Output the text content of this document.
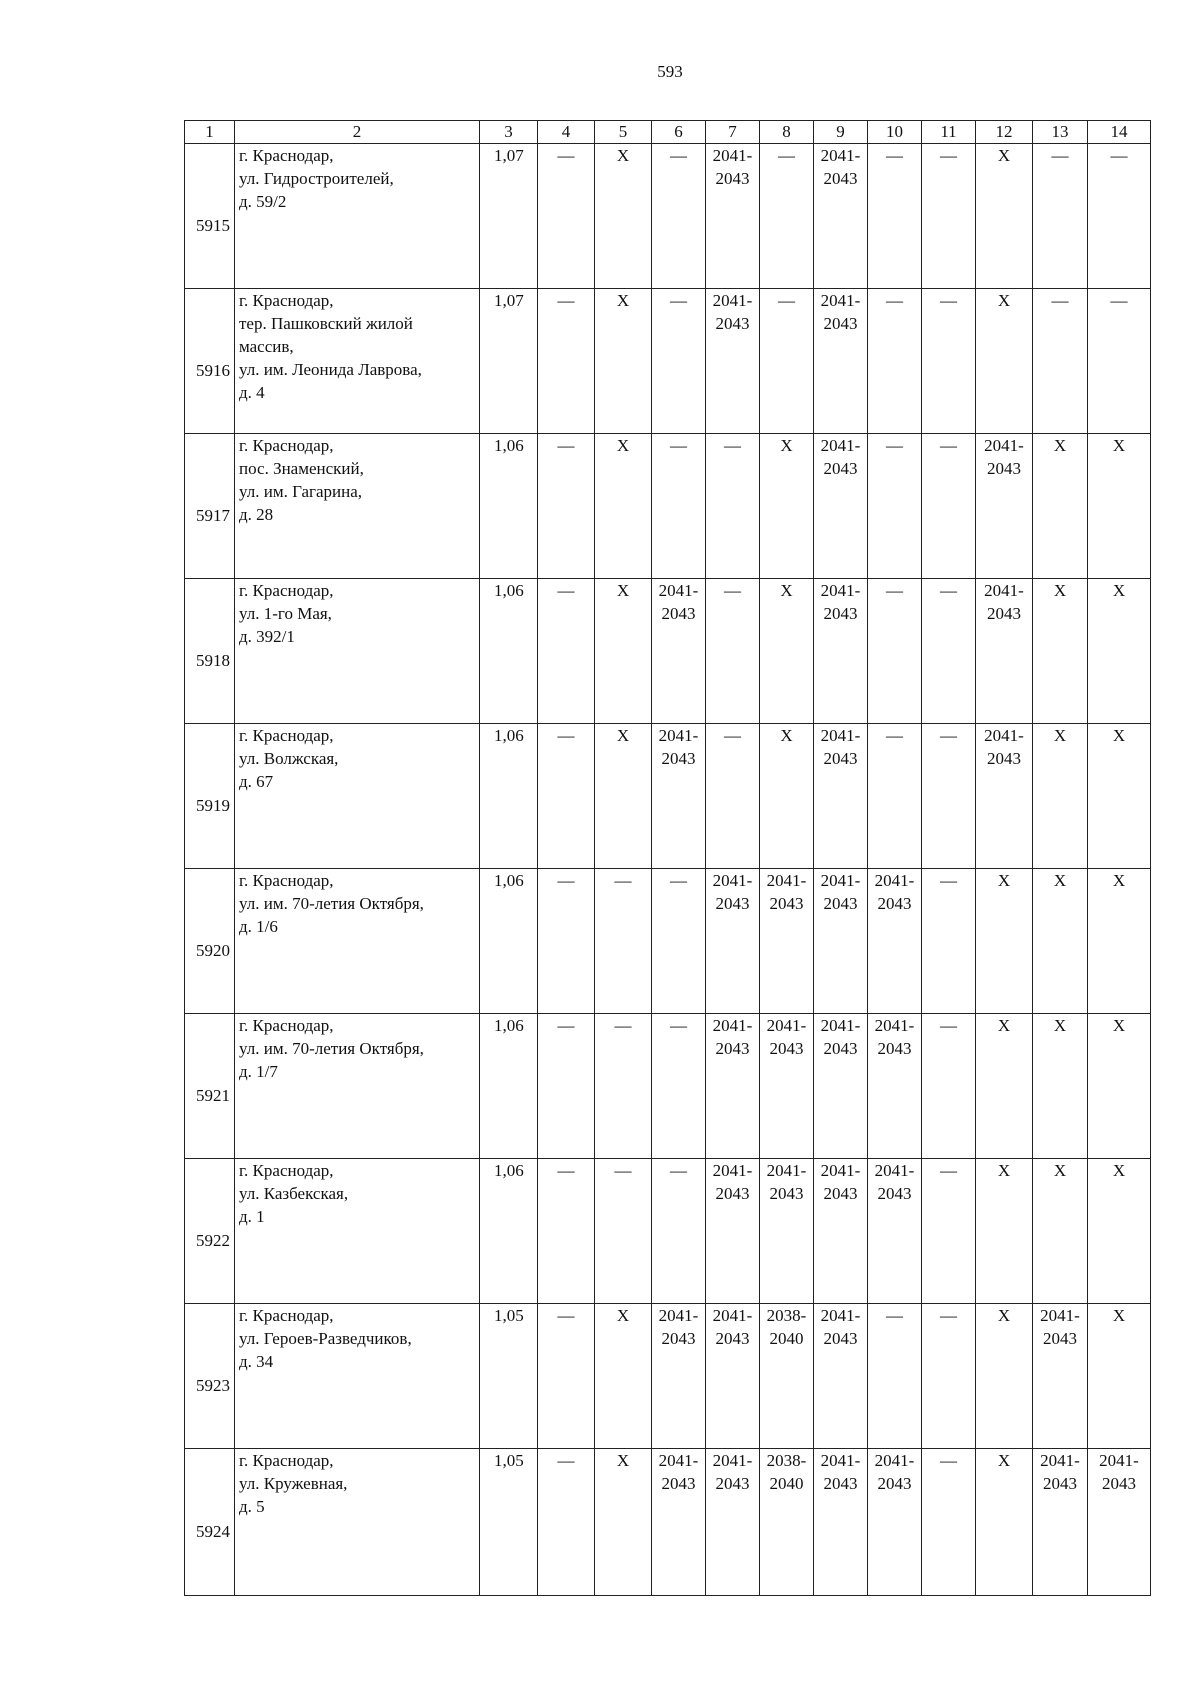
593
1	2	3	4	5	6	7	8	9	10	11	12	13	14
5915	г. Краснодар,
ул. Гидростроителей,
д. 59/2	1,07	—	Х	—	2041-2043	—	2041-2043	—	—	Х	—	—
5916	г. Краснодар,
тер. Пашковский жилой
массив,
ул. им. Леонида Лаврова,
д. 4	1,07	—	Х	—	2041-2043	—	2041-2043	—	—	Х	—	—
5917	г. Краснодар,
пос. Знаменский,
ул. им. Гагарина,
д. 28	1,06	—	Х	—	—	Х	2041-2043	—	—	2041-2043	Х	Х
5918	г. Краснодар,
ул. 1-го Мая,
д. 392/1	1,06	—	Х	2041-2043	—	Х	2041-2043	—	—	2041-2043	Х	Х
5919	г. Краснодар,
ул. Волжская,
д. 67	1,06	—	Х	2041-2043	—	Х	2041-2043	—	—	2041-2043	Х	Х
5920	г. Краснодар,
ул. им. 70-летия Октября,
д. 1/6	1,06	—	—	—	2041-2043	2041-2043	2041-2043	2041-2043	—	Х	Х	Х
5921	г. Краснодар,
ул. им. 70-летия Октября,
д. 1/7	1,06	—	—	—	2041-2043	2041-2043	2041-2043	2041-2043	—	Х	Х	Х
5922	г. Краснодар,
ул. Казбекская,
д. 1	1,06	—	—	—	2041-2043	2041-2043	2041-2043	2041-2043	—	Х	Х	Х
5923	г. Краснодар,
ул. Героев-Разведчиков,
д. 34	1,05	—	Х	2041-2043	2041-2043	2038-2040	2041-2043	—	—	Х	2041-2043	Х
5924	г. Краснодар,
ул. Кружевная,
д. 5	1,05	—	Х	2041-2043	2041-2043	2038-2040	2041-2043	2041-2043	—	Х	2041-2043	2041-2043
